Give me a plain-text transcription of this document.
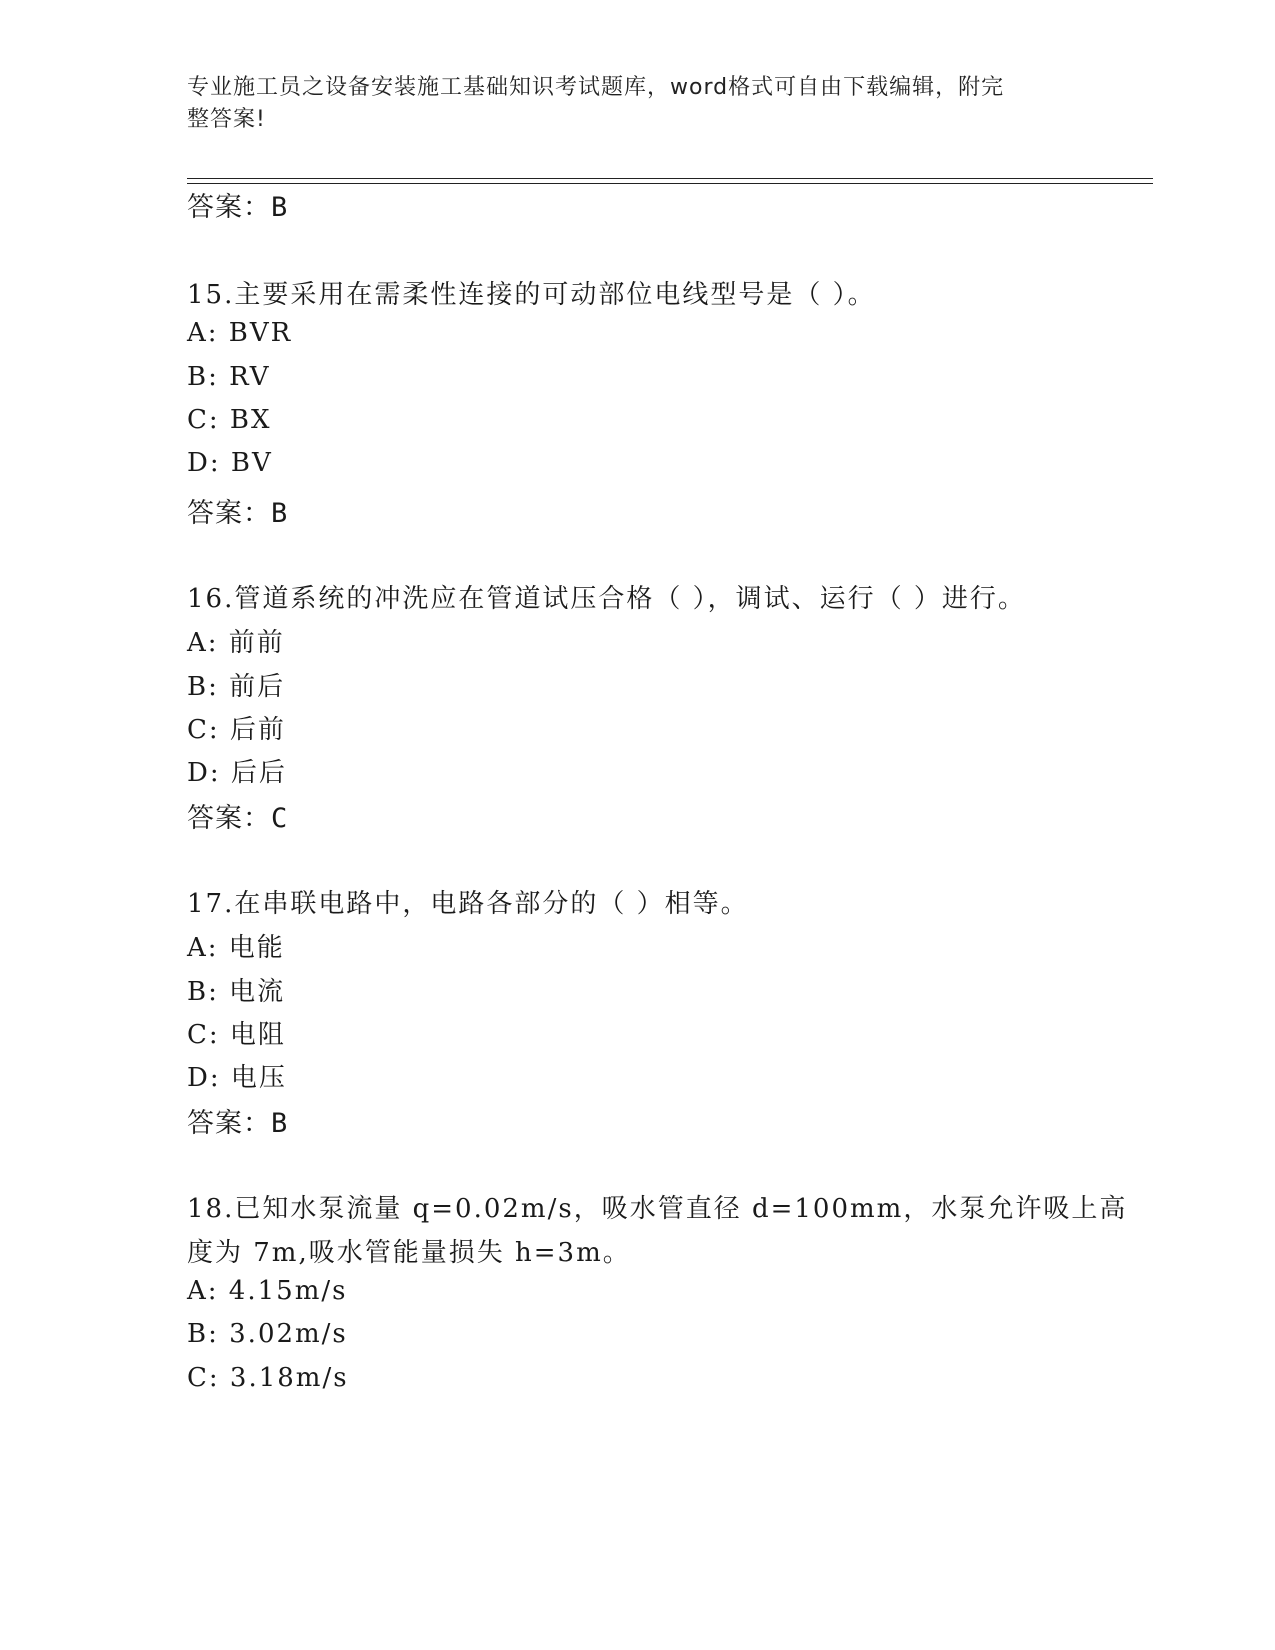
专业施工员之设备安装施工基础知识考试题库，word格式可自由下载编辑，附完
整答案!
答案：B
15.主要采用在需柔性连接的可动部位电线型号是（ ）。
A: BVR
B: RV
C: BX
D: BV
答案：B
16.管道系统的冲洗应在管道试压合格（ ），调试、运行（ ）进行。
A: 前前
B: 前后
C: 后前
D: 后后
答案：C
17.在串联电路中，电路各部分的（ ）相等。
A: 电能
B: 电流
C: 电阻
D: 电压
答案：B
18.已知水泵流量 q=0.02m/s，吸水管直径 d=100mm，水泵允许吸上高
度为 7m,吸水管能量损失 h=3m。
A: 4.15m/s
B: 3.02m/s
C: 3.18m/s
